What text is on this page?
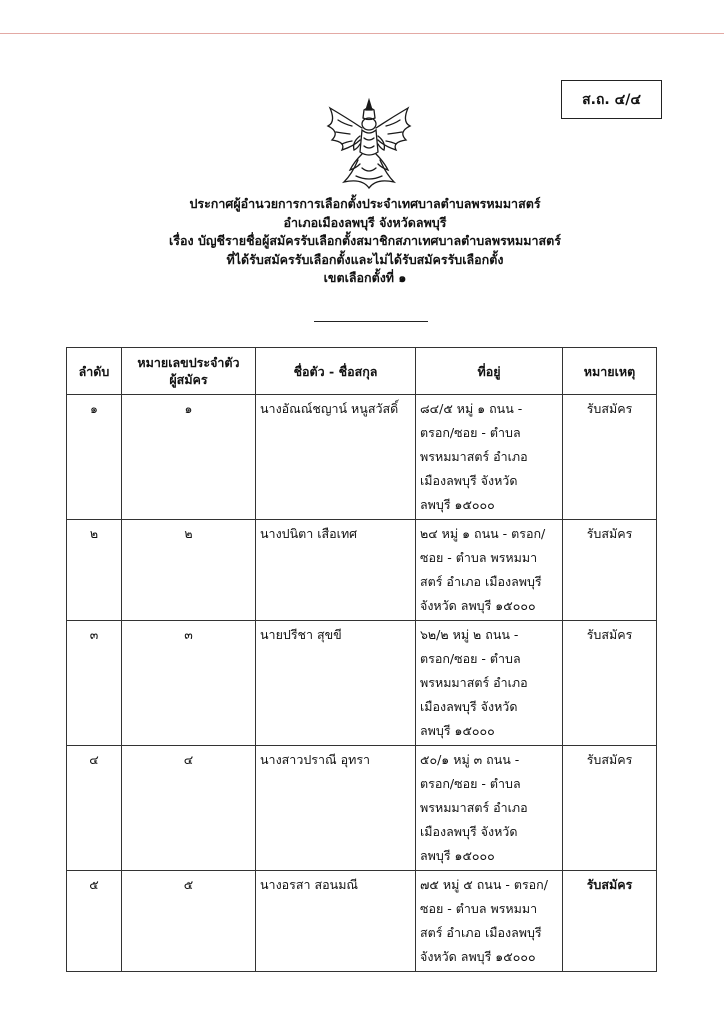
ส.ถ. ๔/๔
ประกาศผู้อำนวยการการเลือกตั้งประจำเทศบาลตำบลพรหมมาสตร์
อำเภอเมืองลพบุรี จังหวัดลพบุรี
เรื่อง บัญชีรายชื่อผู้สมัครรับเลือกตั้งสมาชิกสภาเทศบาลตำบลพรหมมาสตร์
ที่ได้รับสมัครรับเลือกตั้งและไม่ได้รับสมัครรับเลือกตั้ง
เขตเลือกตั้งที่ ๑
ลำดับ	หมายเลขประจำตัว
ผู้สมัคร	ชื่อตัว - ชื่อสกุล	ที่อยู่	หมายเหตุ
๑	๑	นางอัณณ์ชญาน์ หนูสวัสดิ์	๘๔/๕ หมู่ ๑ ถนน -
ตรอก/ซอย - ตำบล
พรหมมาสตร์ อำเภอ
เมืองลพบุรี จังหวัด
ลพบุรี ๑๕๐๐๐	รับสมัคร
๒	๒	นางปนิตา เสือเทศ	๒๔ หมู่ ๑ ถนน - ตรอก/
ซอย - ตำบล พรหมมา
สตร์ อำเภอ เมืองลพบุรี
จังหวัด ลพบุรี ๑๕๐๐๐	รับสมัคร
๓	๓	นายปรีชา สุขขี	๖๒/๒ หมู่ ๒ ถนน -
ตรอก/ซอย - ตำบล
พรหมมาสตร์ อำเภอ
เมืองลพบุรี จังหวัด
ลพบุรี ๑๕๐๐๐	รับสมัคร
๔	๔	นางสาวปราณี อุทรา	๕๐/๑ หมู่ ๓ ถนน -
ตรอก/ซอย - ตำบล
พรหมมาสตร์ อำเภอ
เมืองลพบุรี จังหวัด
ลพบุรี ๑๕๐๐๐	รับสมัคร
๕	๕	นางอรสา สอนมณี	๗๕ หมู่ ๕ ถนน - ตรอก/
ซอย - ตำบล พรหมมา
สตร์ อำเภอ เมืองลพบุรี
จังหวัด ลพบุรี ๑๕๐๐๐	รับสมัคร
